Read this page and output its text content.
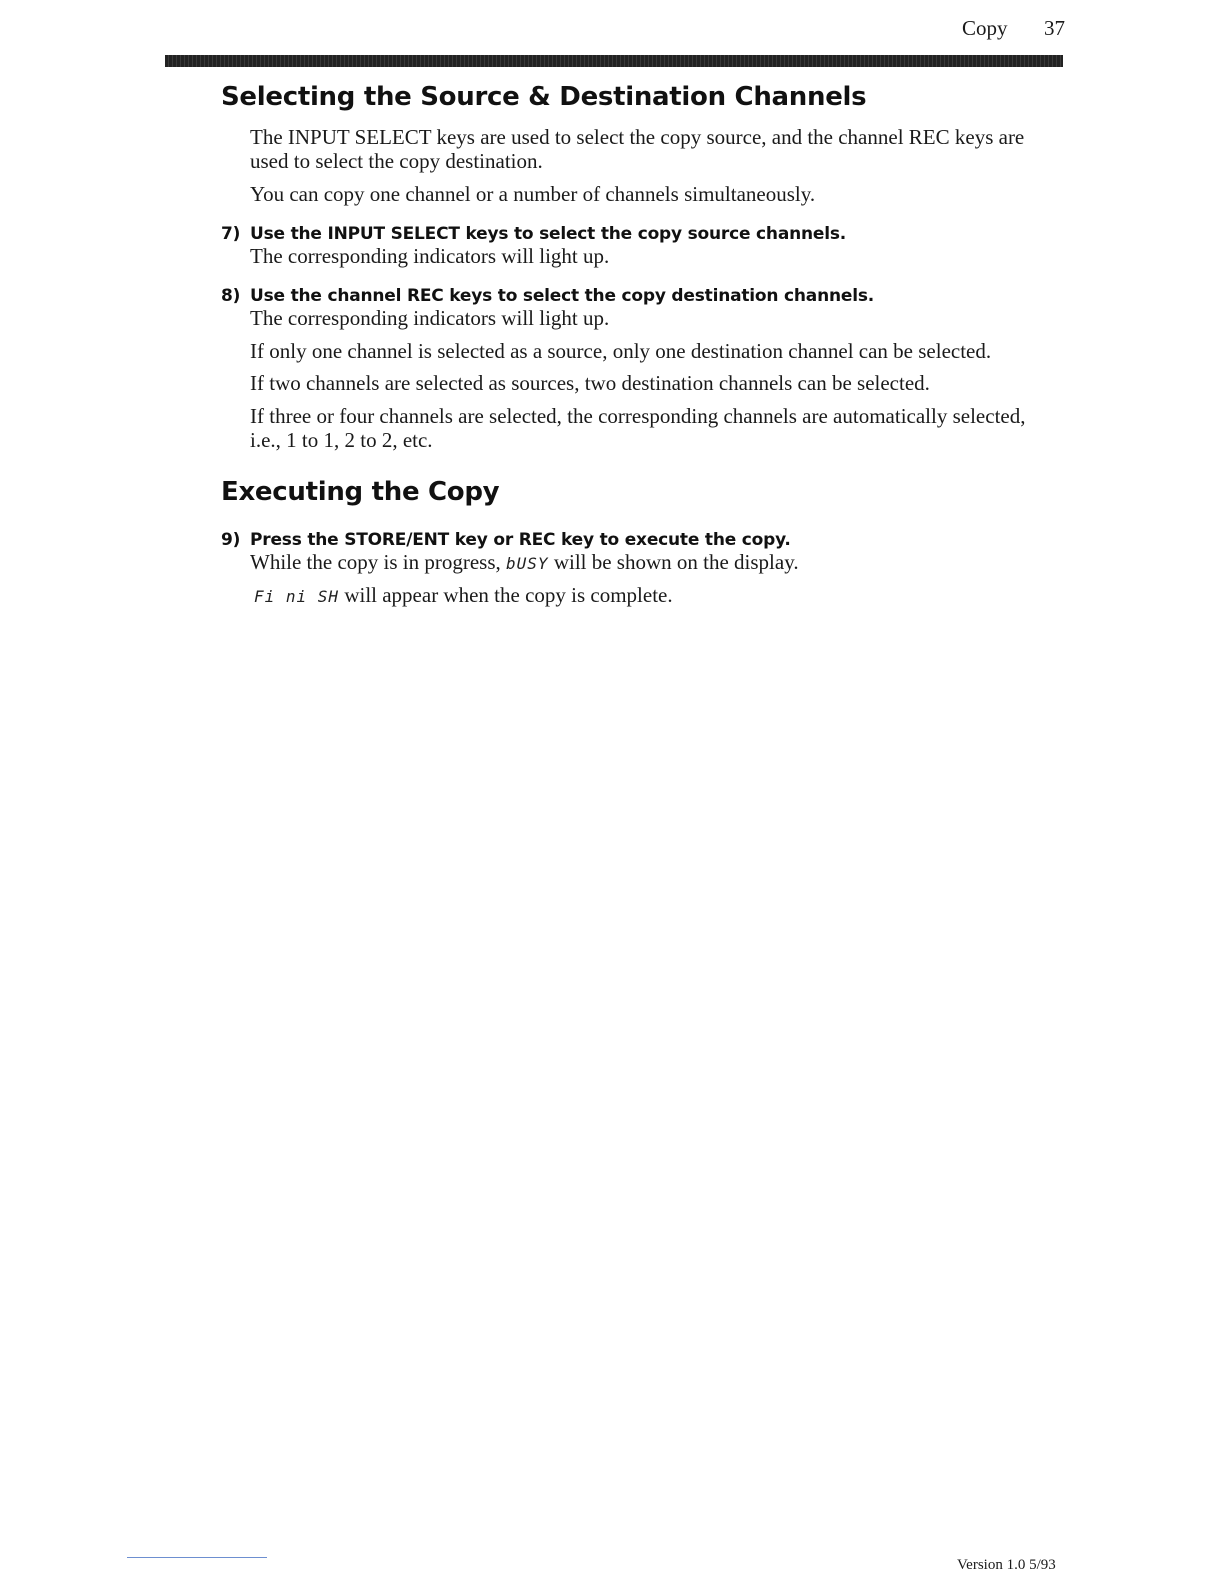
Copy 37
Selecting the Source & Destination Channels
The INPUT SELECT keys are used to select the copy source, and the channel REC keys are
used to select the copy destination.
You can copy one channel or a number of channels simultaneously.
7) Use the INPUT SELECT keys to select the copy source channels.
The corresponding indicators will light up.
8) Use the channel REC keys to select the copy destination channels.
The corresponding indicators will light up.
If only one channel is selected as a source, only one destination channel can be selected.
If two channels are selected as sources, two destination channels can be selected.
If three or four channels are selected, the corresponding channels are automatically selected,
i.e., 1 to 1, 2 to 2, etc.
Executing the Copy
9) Press the STORE/ENT key or REC key to execute the copy.
While the copy is in progress, bUSY will be shown on the display.
Fi ni SH will appear when the copy is complete.
Version 1.0 5/93
